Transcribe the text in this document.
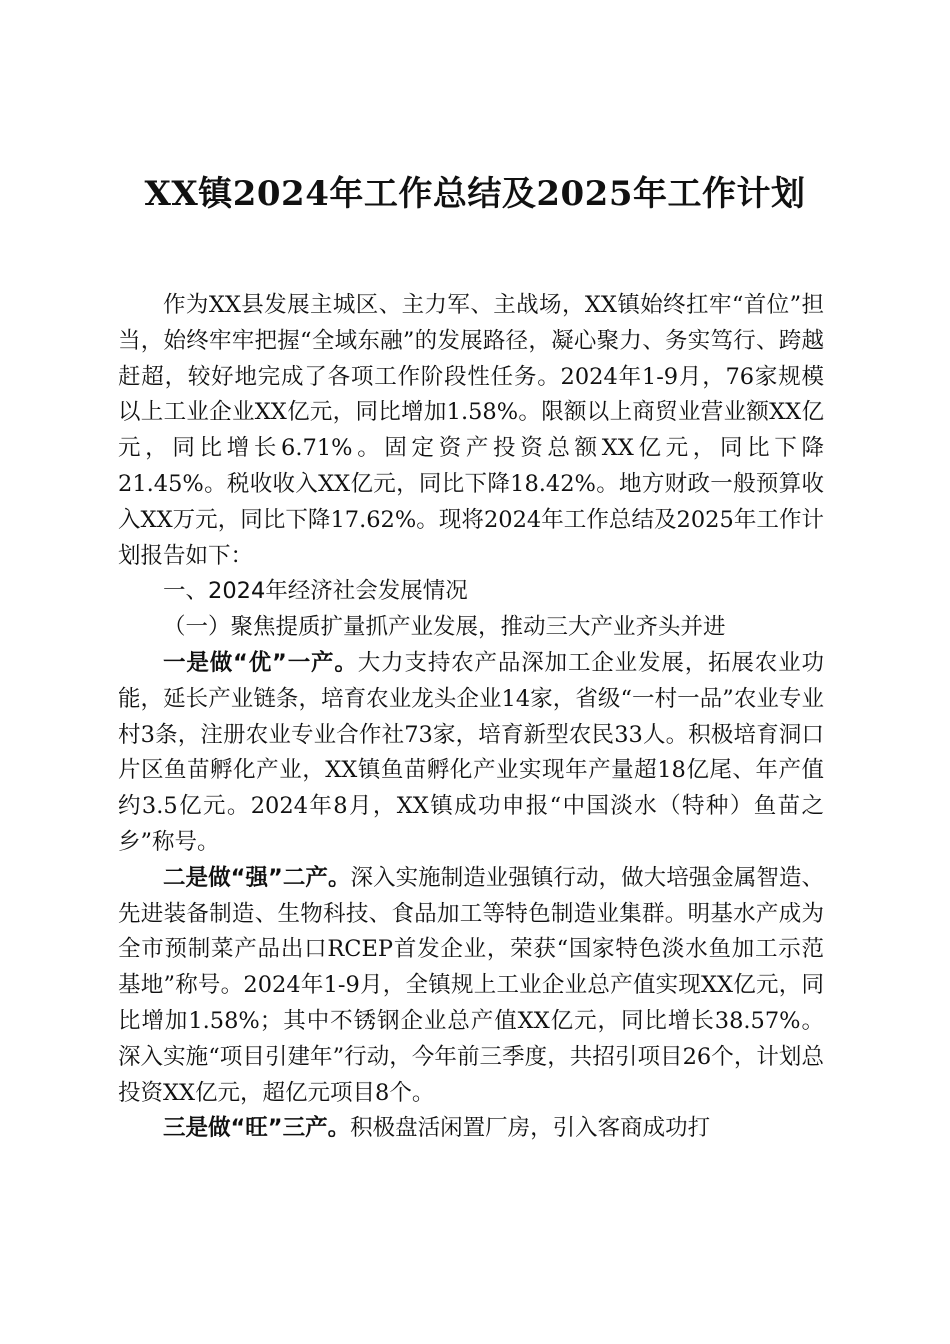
XX镇2024年工作总结及2025年工作计划

作为XX县发展主城区、主力军、主战场，XX镇始终扛牢“首位”担当，始终牢牢把握“全域东融”的发展路径，凝心聚力、务实笃行、跨越赶超，较好地完成了各项工作阶段性任务。2024年1-9月，76家规模以上工业企业XX亿元，同比增加1.58%。限额以上商贸业营业额XX亿元，同比增长6.71%。固定资产投资总额XX亿元，同比下降21.45%。税收收入XX亿元，同比下降18.42%。地方财政一般预算收入XX万元，同比下降17.62%。现将2024年工作总结及2025年工作计划报告如下：

一、2024年经济社会发展情况

（一）聚焦提质扩量抓产业发展，推动三大产业齐头并进

一是做“优”一产。大力支持农产品深加工企业发展，拓展农业功能，延长产业链条，培育农业龙头企业14家，省级“一村一品”农业专业村3条，注册农业专业合作社73家，培育新型农民33人。积极培育洞口片区鱼苗孵化产业，XX镇鱼苗孵化产业实现年产量超18亿尾、年产值约3.5亿元。2024年8月，XX镇成功申报“中国淡水（特种）鱼苗之乡”称号。

二是做“强”二产。深入实施制造业强镇行动，做大培强金属智造、先进装备制造、生物科技、食品加工等特色制造业集群。明基水产成为全市预制菜产品出口RCEP首发企业，荣获“国家特色淡水鱼加工示范基地”称号。2024年1-9月，全镇规上工业企业总产值实现XX亿元，同比增加1.58%；其中不锈钢企业总产值XX亿元，同比增长38.57%。深入实施“项目引建年”行动，今年前三季度，共招引项目26个，计划总投资XX亿元，超亿元项目8个。

三是做“旺”三产。积极盘活闲置厂房，引入客商成功打
